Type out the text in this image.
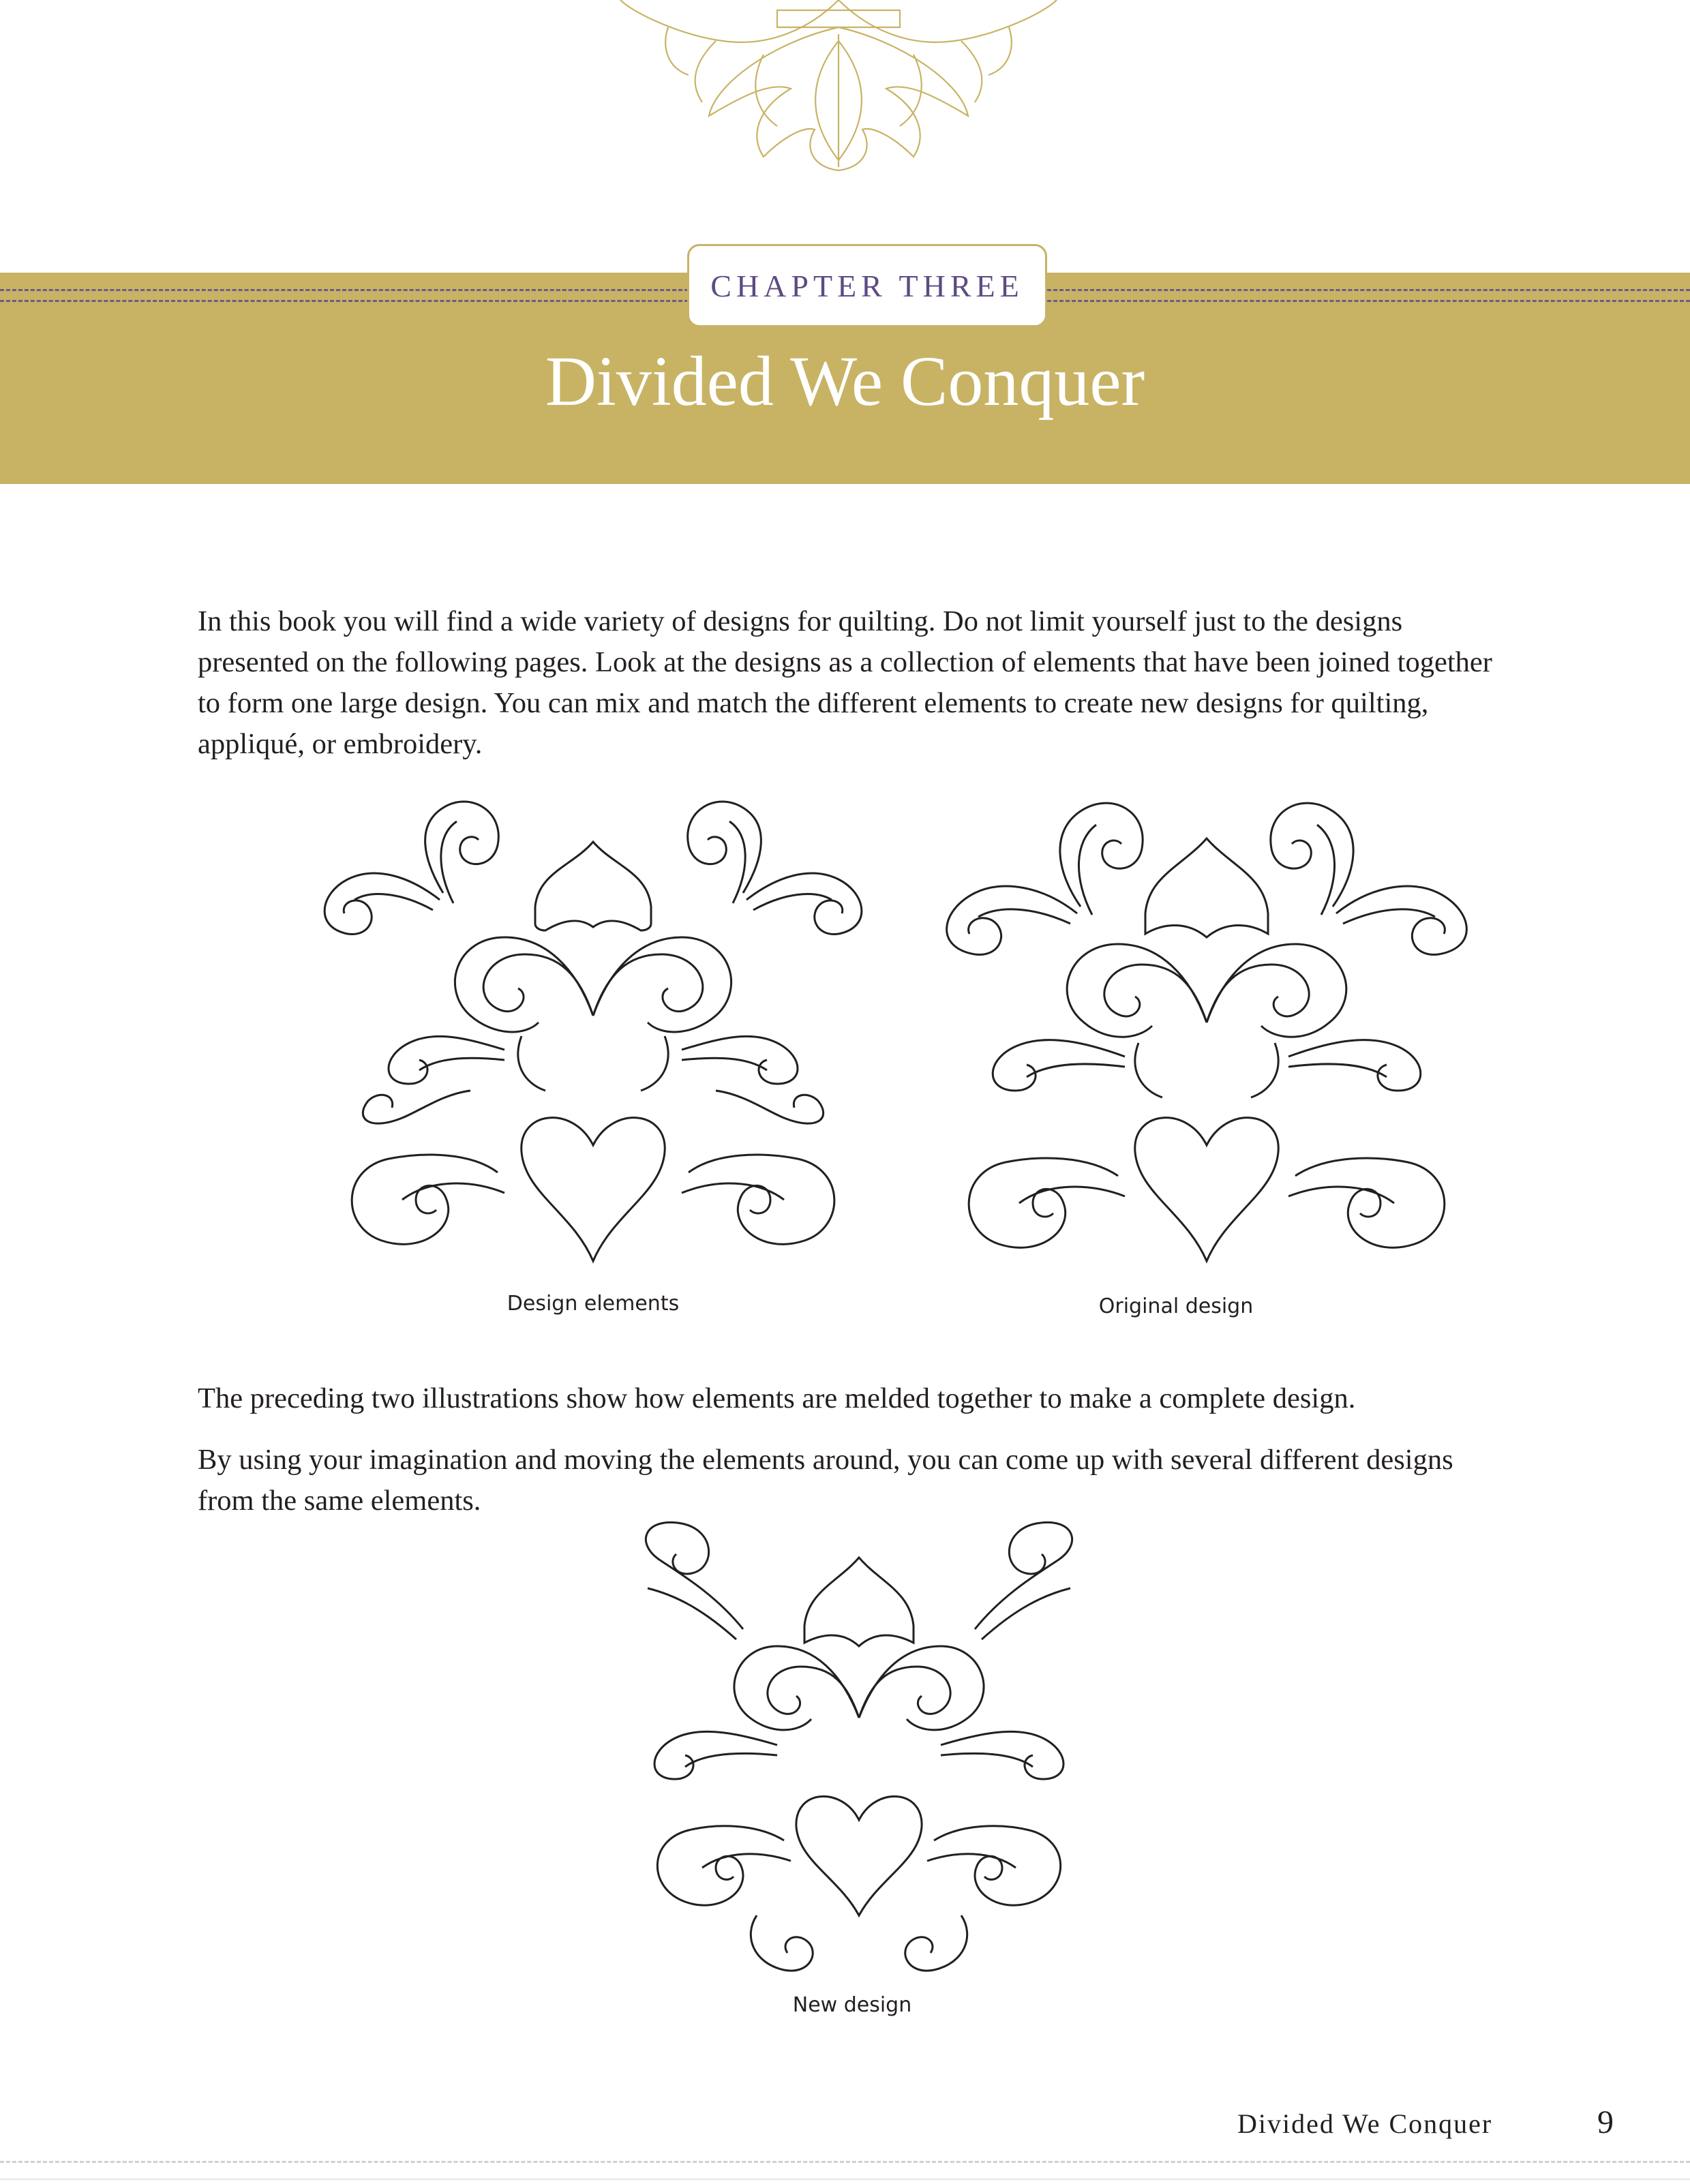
CHAPTER THREE
Divided We Conquer

In this book you will find a wide variety of designs for quilting. Do not limit yourself just to the designs presented on the following pages. Look at the designs as a collection of elements that have been joined together to form one large design. You can mix and match the different elements to create new designs for quilting, appliqué, or embroidery.

Design elements	Original design

The preceding two illustrations show how elements are melded together to make a complete design.

By using your imagination and moving the elements around, you can come up with several different designs from the same elements.

New design
Divided We Conquer	9
